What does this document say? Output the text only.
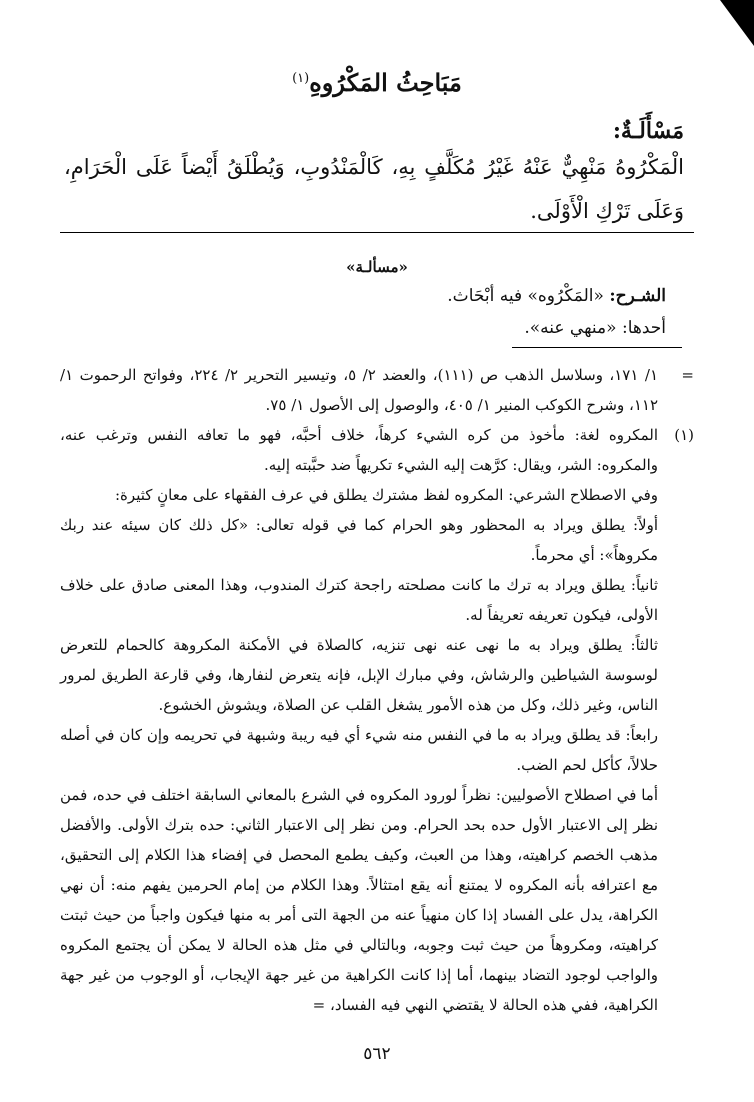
مَبَاحِثُ المَكْرُوهِ$^{(١)}$
مَسْأَلَـةٌ:
الْمَكْرُوهُ مَنْهِيٌّ عَنْهُ غَيْرُ مُكَلَّفٍ بِهِ، كَالْمَنْدُوبِ، وَيُطْلَقُ أَيْضاً عَلَى الْحَرَامِ، وَعَلَى تَرْكِ الْأَوْلَى.
«مسألـة»
الشـرح: «المَكْرُوه» فيه أبْحَاث.
أحدها: «منهي عنه».
=

١/ ١٧١، وسلاسل الذهب ص (١١١)، والعضد ٢/ ٥، وتيسير التحرير ٢/ ٢٢٤، وفواتح الرحموت ١/ ١١٢، وشرح الكوكب المنير ١/ ٤٠٥، والوصول إلى الأصول ١/ ٧٥.

(١)

المكروه لغة: مأخوذ من كره الشيء كرهاً، خلاف أحبَّه، فهو ما تعافه النفس وترغب عنه، والمكروه: الشر، ويقال: كرَّهت إليه الشيء تكريهاً ضد حبَّبته إليه.

وفي الاصطلاح الشرعي: المكروه لفظ مشترك يطلق في عرف الفقهاء على معانٍ كثيرة:

أولاً: يطلق ويراد به المحظور وهو الحرام كما في قوله تعالى: «كل ذلك كان سيئه عند ربك مكروهاً»: أي محرماً.

ثانياً: يطلق ويراد به ترك ما كانت مصلحته راجحة كترك المندوب، وهذا المعنى صادق على خلاف الأولى، فيكون تعريفه تعريفاً له.

ثالثاً: يطلق ويراد به ما نهى عنه نهى تنزيه، كالصلاة في الأمكنة المكروهة كالحمام للتعرض لوسوسة الشياطين والرشاش، وفي مبارك الإبل، فإنه يتعرض لنفارها، وفي قارعة الطريق لمرور الناس، وغير ذلك، وكل من هذه الأمور يشغل القلب عن الصلاة، ويشوش الخشوع.

رابعاً: قد يطلق ويراد به ما في النفس منه شيء أي فيه ريبة وشبهة في تحريمه وإن كان في أصله حلالاً، كأكل لحم الضب.

أما في اصطلاح الأصوليين: نظراً لورود المكروه في الشرع بالمعاني السابقة اختلف في حده، فمن نظر إلى الاعتبار الأول حده بحد الحرام. ومن نظر إلى الاعتبار الثاني: حده بترك الأولى. والأفضل مذهب الخصم كراهيته، وهذا من العبث، وكيف يطمع المحصل في إفضاء هذا الكلام إلى التحقيق، مع اعترافه بأنه المكروه لا يمتنع أنه يقع امتثالاً. وهذا الكلام من إمام الحرمين يفهم منه: أن نهي الكراهة، يدل على الفساد إذا كان منهياً عنه من الجهة التى أمر به منها فيكون واجباً من حيث ثبتت كراهيته، ومكروهاً من حيث ثبت وجوبه، وبالتالي في مثل هذه الحالة لا يمكن أن يجتمع المكروه والواجب لوجود التضاد بينهما، أما إذا كانت الكراهية من غير جهة الإيجاب، أو الوجوب من غير جهة الكراهية، ففي هذه الحالة لا يقتضي النهي فيه الفساد، =

٥٦٢
